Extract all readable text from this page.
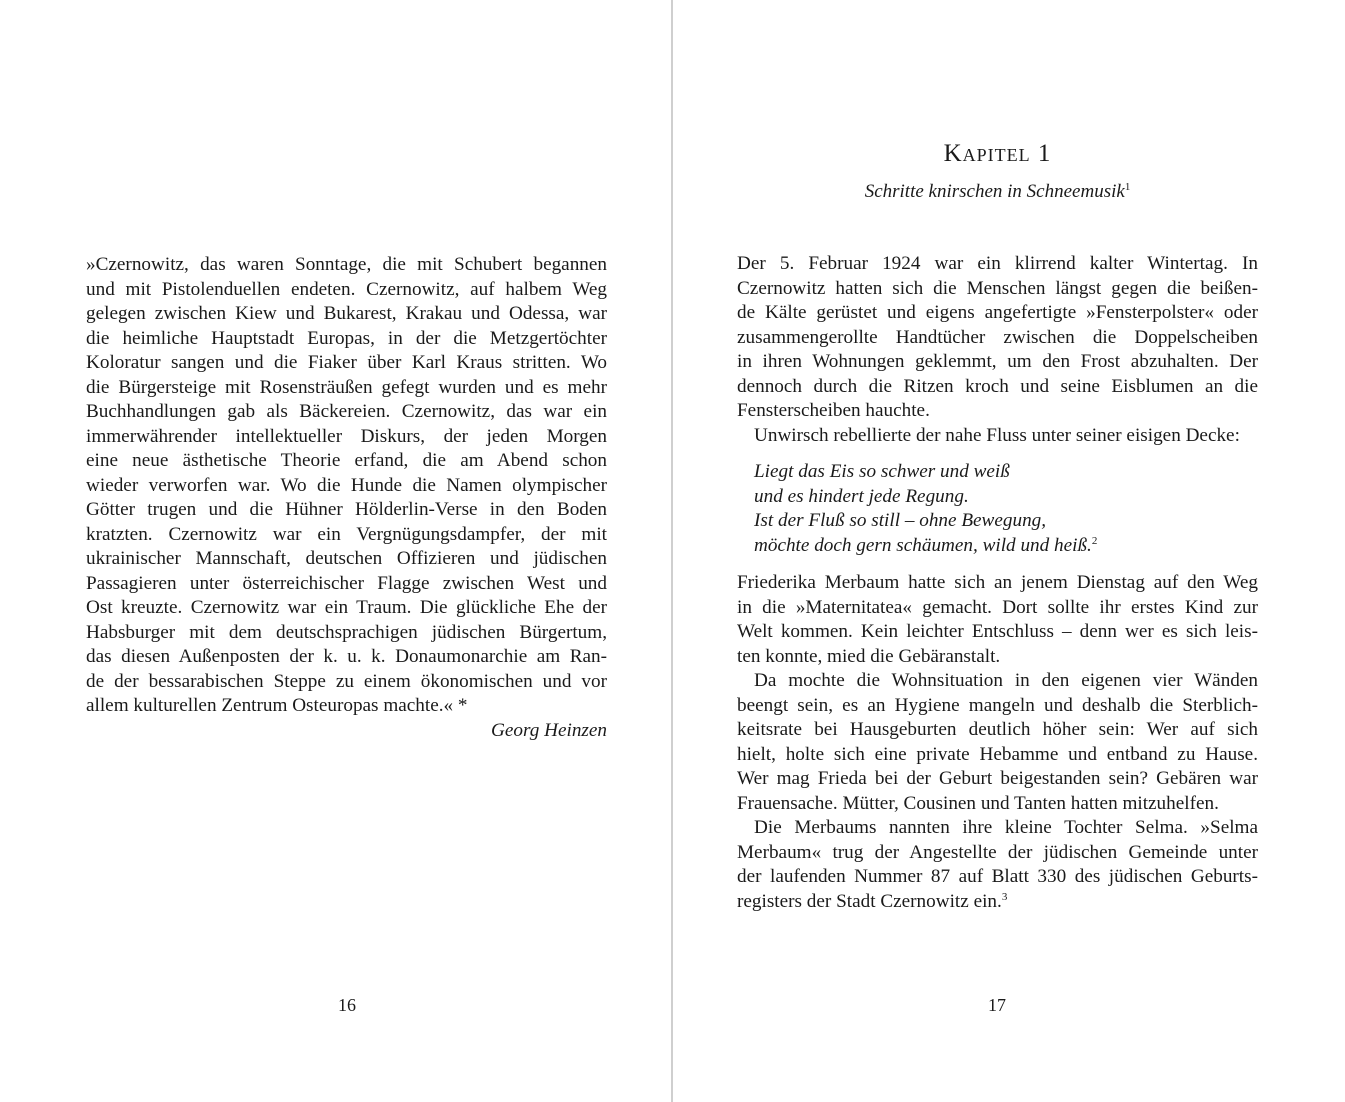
»Czernowitz, das waren Sonntage, die mit Schubert begannen
und mit Pistolenduellen endeten. Czernowitz, auf halbem Weg
gelegen zwischen Kiew und Bukarest, Krakau und Odessa, war
die heimliche Hauptstadt Europas, in der die Metzgertöchter
Koloratur sangen und die Fiaker über Karl Kraus stritten. Wo
die Bürgersteige mit Rosensträußen gefegt wurden und es mehr
Buchhandlungen gab als Bäckereien. Czernowitz, das war ein
immerwährender intellektueller Diskurs, der jeden Morgen
eine neue ästhetische Theorie erfand, die am Abend schon
wieder verworfen war. Wo die Hunde die Namen olympischer
Götter trugen und die Hühner Hölderlin-Verse in den Boden
kratzten. Czernowitz war ein Vergnügungsdampfer, der mit
ukrainischer Mannschaft, deutschen Offizieren und jüdischen
Passagieren unter österreichischer Flagge zwischen West und
Ost kreuzte. Czernowitz war ein Traum. Die glückliche Ehe der
Habsburger mit dem deutschsprachigen jüdischen Bürgertum,
das diesen Außenposten der k. u. k. Donaumonarchie am Ran-
de der bessarabischen Steppe zu einem ökonomischen und vor
allem kulturellen Zentrum Osteuropas machte.« *
Georg Heinzen
Kapitel 1
Schritte knirschen in Schneemusik$^1$
Der 5. Februar 1924 war ein klirrend kalter Wintertag. In
Czernowitz hatten sich die Menschen längst gegen die beißen-
de Kälte gerüstet und eigens angefertigte »Fensterpolster« oder
zusammengerollte Handtücher zwischen die Doppelscheiben
in ihren Wohnungen geklemmt, um den Frost abzuhalten. Der
dennoch durch die Ritzen kroch und seine Eisblumen an die
Fensterscheiben hauchte.
Unwirsch rebellierte der nahe Fluss unter seiner eisigen Decke:
Liegt das Eis so schwer und weiß
und es hindert jede Regung.
Ist der Fluß so still – ohne Bewegung,
möchte doch gern schäumen, wild und heiß.$^2$
Friederika Merbaum hatte sich an jenem Dienstag auf den Weg
in die »Maternitatea« gemacht. Dort sollte ihr erstes Kind zur
Welt kommen. Kein leichter Entschluss – denn wer es sich leis-
ten konnte, mied die Gebäranstalt.
Da mochte die Wohnsituation in den eigenen vier Wänden
beengt sein, es an Hygiene mangeln und deshalb die Sterblich-
keitsrate bei Hausgeburten deutlich höher sein: Wer auf sich
hielt, holte sich eine private Hebamme und entband zu Hause.
Wer mag Frieda bei der Geburt beigestanden sein? Gebären war
Frauensache. Mütter, Cousinen und Tanten hatten mitzuhelfen.
Die Merbaums nannten ihre kleine Tochter Selma. »Selma
Merbaum« trug der Angestellte der jüdischen Gemeinde unter
der laufenden Nummer 87 auf Blatt 330 des jüdischen Geburts-
registers der Stadt Czernowitz ein.$^3$
16	17
